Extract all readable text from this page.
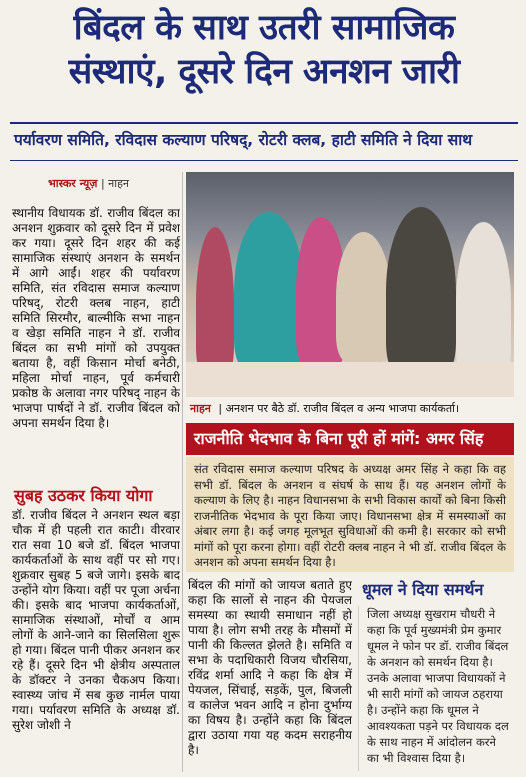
बिंदल के साथ उतरी सामाजिक
संस्थाएं, दूसरे दिन अनशन जारी
पर्यावरण समिति, रविदास कल्याण परिषद्, रोटरी क्लब, हाटी समिति ने दिया साथ
भास्कर न्यूज़ | नाहन
स्थानीय विधायक डॉ. राजीव बिंदल का अनशन शुक्रवार को दूसरे दिन में प्रवेश कर गया। दूसरे दिन शहर की कई सामाजिक संस्थाएं अनशन के समर्थन में आगे आईं। शहर की पर्यावरण समिति, संत रविदास समाज कल्याण परिषद्, रोटरी क्लब नाहन, हाटी समिति सिरमौर, बाल्मीकि सभा नाहन व खेड़ा समिति नाहन ने डॉ. राजीव बिंदल का सभी मांगों को उपयुक्त बताया है, वहीं किसान मोर्चा बनेठी, महिला मोर्चा नाहन, पूर्व कर्मचारी प्रकोष्ठ के अलावा नगर परिषद् नाहन के भाजपा पार्षदों ने डॉ. राजीव बिंदल को अपना समर्थन दिया है।
सुबह उठकर किया योगा
डॉ. राजीव बिंदल ने अनशन स्थल बड़ा चौक में ही पहली रात काटी। वीरवार रात सवा 10 बजे डॉ. बिंदल भाजपा कार्यकर्ताओं के साथ वहीं पर सो गए। शुक्रवार सुबह 5 बजे जागे। इसके बाद उन्होंने योग किया। वहीं पर पूजा अर्चना की। इसके बाद भाजपा कार्यकर्ताओं, सामाजिक संस्थाओं, मोर्चों व आम लोगों के आने-जाने का सिलसिला शुरू हो गया। बिंदल पानी पीकर अनशन कर रहे हैं। दूसरे दिन भी क्षेत्रीय अस्पताल के डॉक्टर ने उनका चैकअप किया। स्वास्थ्य जांच में सब कुछ नार्मल पाया गया। पर्यावरण समिति के अध्यक्ष डॉ. सुरेश जोशी ने
नाहन | अनशन पर बैठे डॉ. राजीव बिंदल व अन्य भाजपा कार्यकर्ता।
राजनीति भेदभाव के बिना पूरी हों मांगें: अमर सिंह
संत रविदास समाज कल्याण परिषद के अध्यक्ष अमर सिंह ने कहा कि वह सभी डॉ. बिंदल के अनशन व संघर्ष के साथ हैं। यह अनशन लोगों के कल्याण के लिए है। नाहन विधानसभा के सभी विकास कार्यों को बिना किसी राजनीतिक भेदभाव के पूरा किया जाए। विधानसभा क्षेत्र में समस्याओं का अंबार लगा है। कई जगह मूलभूत सुविधाओं की कमी है। सरकार को सभी मांगों को पूरा करना होगा। वहीं रोटरी क्लब नाहन ने भी डॉ. राजीव बिंदल के अनशन को अपना समर्थन दिया है।
बिंदल की मांगों को जायज बताते हुए कहा कि सालों से नाहन की पेयजल समस्या का स्थायी समाधान नहीं हो पाया है। लोग सभी तरह के मौसमों में पानी की किल्लत झेलते है। समिति व सभा के पदाधिकारी विजय चौरसिया, रविंद्र शर्मा आदि ने कहा कि क्षेत्र में पेयजल, सिंचाई, सड़कें, पुल, बिजली व कालेज भवन आदि न होना दुर्भाग्य का विषय है। उन्होंने कहा कि बिंदल द्वारा उठाया गया यह कदम सराहनीय है।
धूमल ने दिया समर्थन
जिला अध्यक्ष सुखराम चौधरी ने कहा कि पूर्व मुख्यमंत्री प्रेम कुमार धूमल ने फोन पर डॉ. राजीव बिंदल के अनशन को समर्थन दिया है। उनके अलावा भाजपा विधायकों ने भी सारी मांगों को जायज ठहराया है। उन्होंने कहा कि धूमल ने आवश्यकता पड़ने पर विधायक दल के साथ नाहन में आंदोलन करने का भी विश्वास दिया है।
